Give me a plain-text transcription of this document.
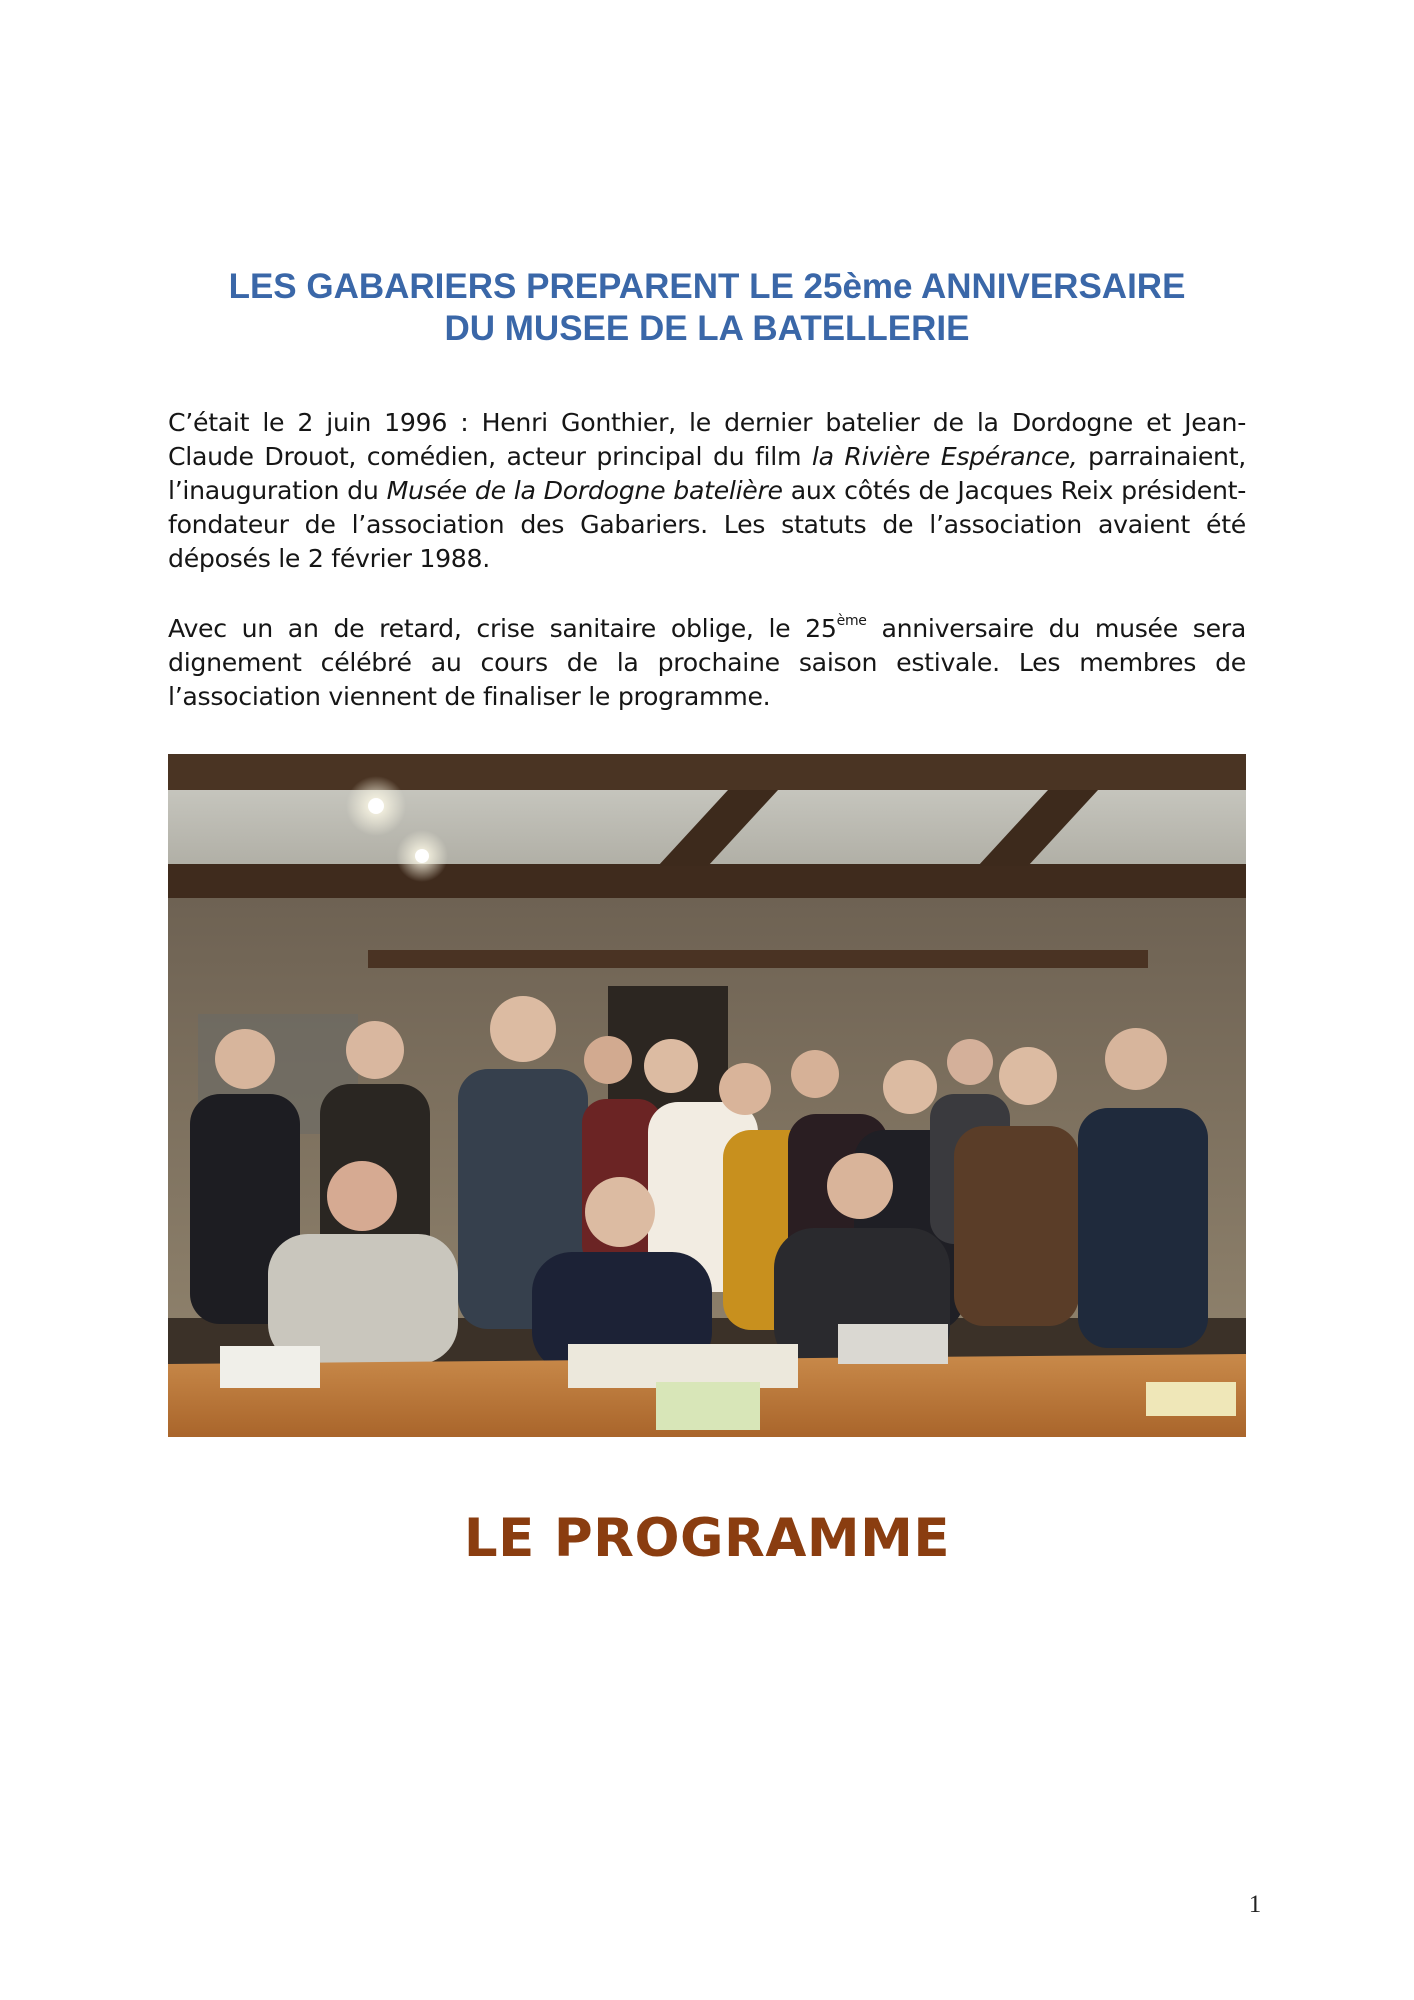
LES GABARIERS PREPARENT LE 25ème ANNIVERSAIRE
DU MUSEE DE LA BATELLERIE

C’était le 2 juin 1996 : Henri Gonthier, le dernier batelier de la Dordogne et Jean-Claude Drouot, comédien, acteur principal du film la Rivière Espérance, parrainaient, l’inauguration du Musée de la Dordogne batelière aux côtés de Jacques Reix président-fondateur de l’association des Gabariers. Les statuts de l’association avaient été déposés le 2 février 1988.

Avec un an de retard, crise sanitaire oblige, le 25ème anniversaire du musée sera dignement célébré au cours de la prochaine saison estivale. Les membres de l’association viennent de finaliser le programme.

LE PROGRAMME
1
